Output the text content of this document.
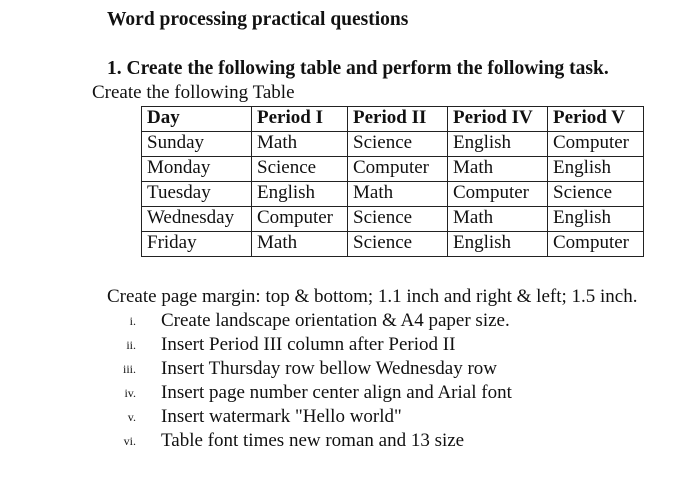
Word processing practical questions
1. Create the following table and perform the following task.
Create the following Table
Day	Period I	Period II	Period IV	Period V
Sunday	Math	Science	English	Computer
Monday	Science	Computer	Math	English
Tuesday	English	Math	Computer	Science
Wednesday	Computer	Science	Math	English
Friday	Math	Science	English	Computer
Create page margin: top & bottom; 1.1 inch and right & left; 1.5 inch.
i. Create landscape orientation & A4 paper size.
ii. Insert Period III column after Period II
iii. Insert Thursday row bellow Wednesday row
iv. Insert page number center align and Arial font
v. Insert watermark "Hello world"
vi. Table font times new roman and 13 size
